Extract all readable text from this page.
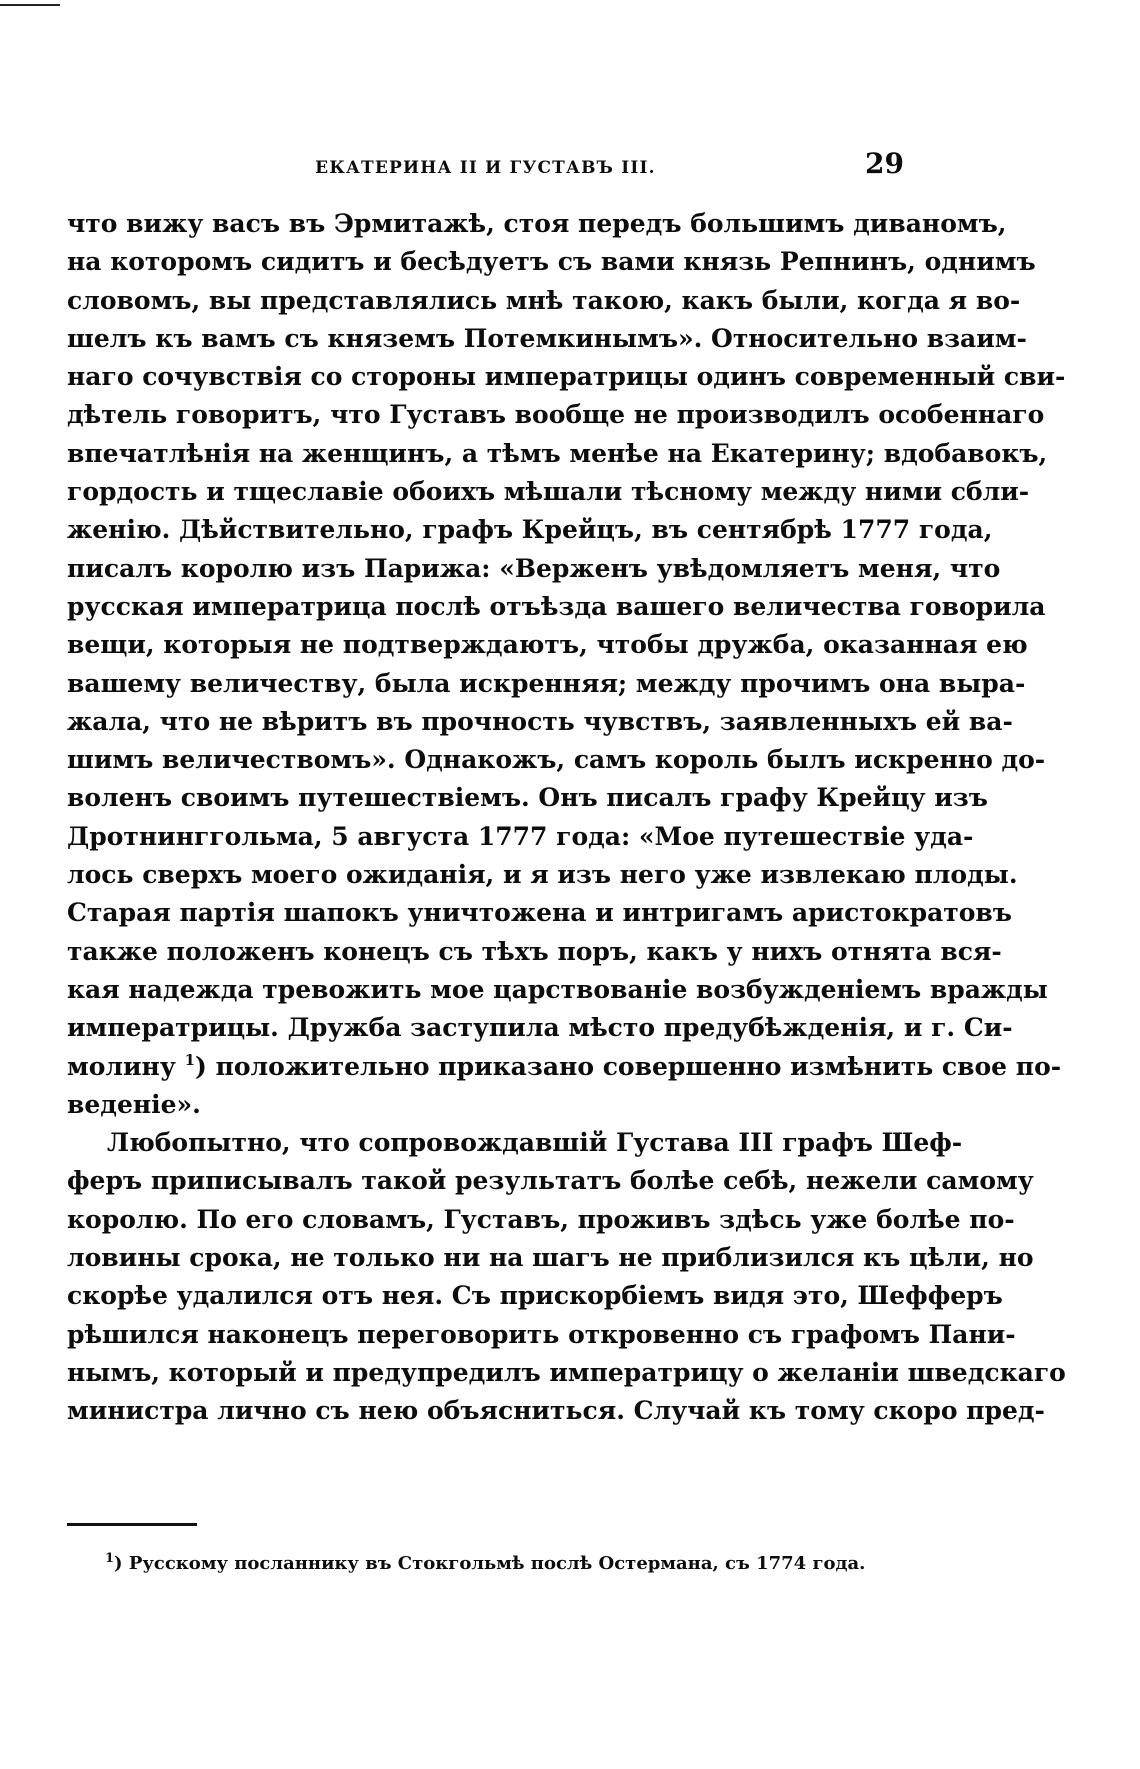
ЕКАТЕРИНА II И ГУСТАВЪ III.	29
что вижу васъ въ Эрмитажѣ, стоя передъ большимъ диваномъ,
на которомъ сидитъ и бесѣдуетъ съ вами князь Репнинъ, однимъ
словомъ, вы представлялись мнѣ такою, какъ были, когда я во-
шелъ къ вамъ съ княземъ Потемкинымъ». Относительно взаим-
наго сочувствія со стороны императрицы одинъ современный сви-
дѣтель говоритъ, что Густавъ вообще не производилъ особеннаго
впечатлѣнія на женщинъ, а тѣмъ менѣе на Екатерину; вдобавокъ,
гордость и тщеславіе обоихъ мѣшали тѣсному между ними сбли-
женію. Дѣйствительно, графъ Крейцъ, въ сентябрѣ 1777 года,
писалъ королю изъ Парижа: «Верженъ увѣдомляетъ меня, что
русская императрица послѣ отъѣзда вашего величества говорила
вещи, которыя не подтверждаютъ, чтобы дружба, оказанная ею
вашему величеству, была искренняя; между прочимъ она выра-
жала, что не вѣритъ въ прочность чувствъ, заявленныхъ ей ва-
шимъ величествомъ». Однакожъ, самъ король былъ искренно до-
воленъ своимъ путешествіемъ. Онъ писалъ графу Крейцу изъ
Дротнинггольма, 5 августа 1777 года: «Мое путешествіе уда-
лось сверхъ моего ожиданія, и я изъ него уже извлекаю плоды.
Старая партія шапокъ уничтожена и интригамъ аристократовъ
также положенъ конецъ съ тѣхъ поръ, какъ у нихъ отнята вся-
кая надежда тревожить мое царствованіе возбужденіемъ вражды
императрицы. Дружба заступила мѣсто предубѣжденія, и г. Си-
молину $^1$) положительно приказано совершенно измѣнить свое по-
веденіе».
Любопытно, что сопровождавшій Густава III графъ Шеф-
феръ приписывалъ такой результатъ болѣе себѣ, нежели самому
королю. По его словамъ, Густавъ, проживъ здѣсь уже болѣе по-
ловины срока, не только ни на шагъ не приблизился къ цѣли, но
скорѣе удалился отъ нея. Съ прискорбіемъ видя это, Шефферъ
рѣшился наконецъ переговорить откровенно съ графомъ Пани-
нымъ, который и предупредилъ императрицу о желаніи шведскаго
министра лично съ нею объясниться. Случай къ тому скоро пред-
$^1$) Русскому посланнику въ Стокгольмѣ послѣ Остермана, съ 1774 года.
